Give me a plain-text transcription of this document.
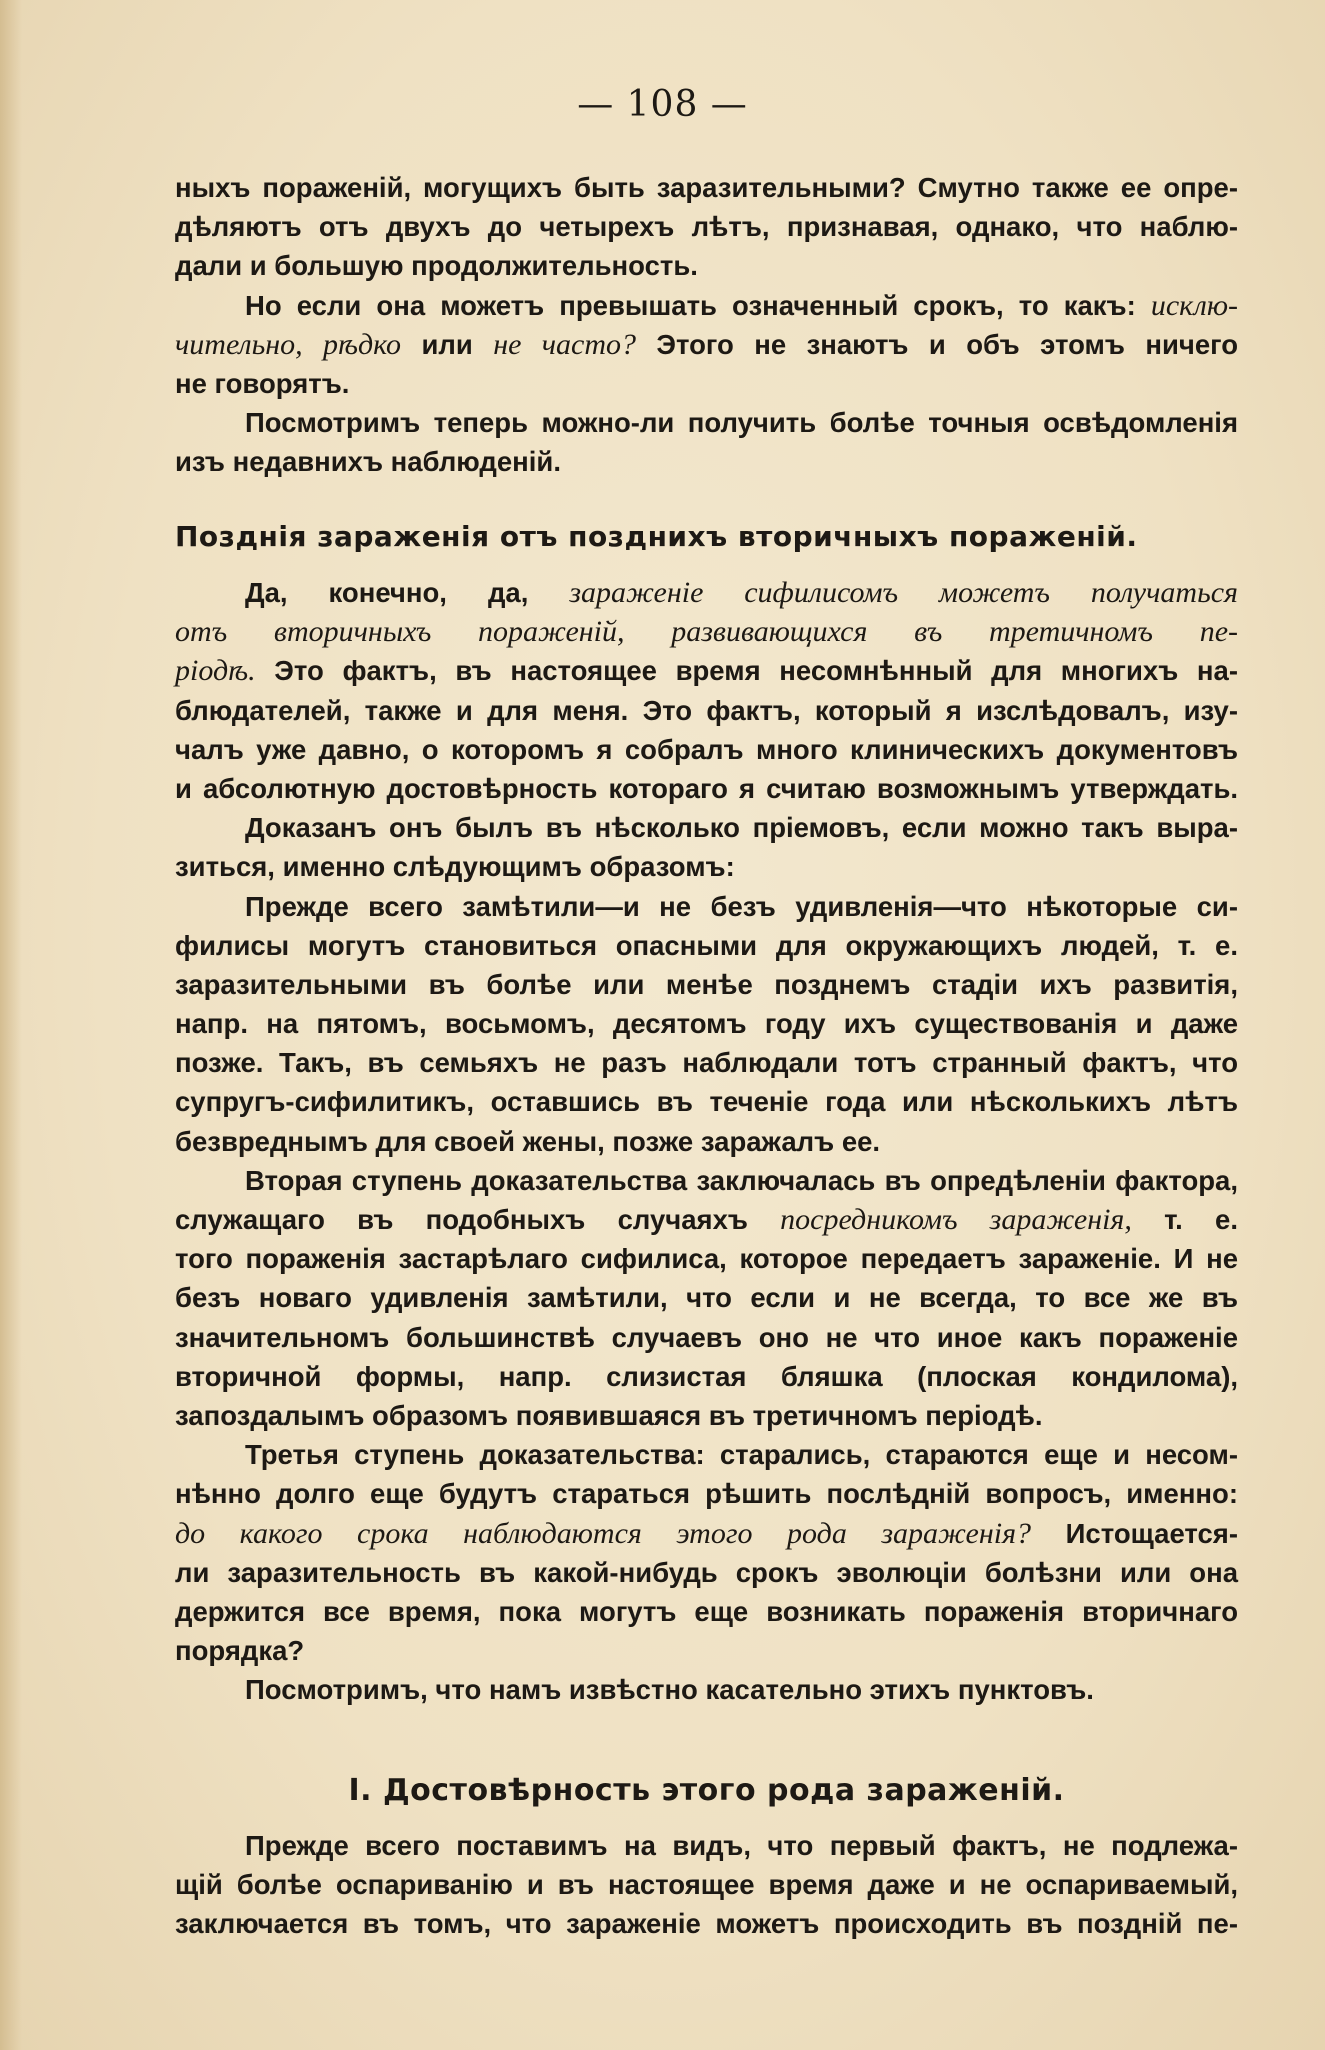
— 108 —
ныхъ пораженій, могущихъ быть заразительными? Смутно также ее опре-
дѣляютъ отъ двухъ до четырехъ лѣтъ, признавая, однако, что наблю-
дали и большую продолжительность.
Но если она можетъ превышать означенный срокъ, то какъ: исклю-
чительно, рѣдко или не часто? Этого не знаютъ и объ этомъ ничего
не говорятъ.
Посмотримъ теперь можно-ли получить болѣе точныя освѣдомленія
изъ недавнихъ наблюденій.
Позднія зараженія отъ позднихъ вторичныхъ пораженій.
Да, конечно, да, зараженіе сифилисомъ можетъ получаться
отъ вторичныхъ пораженій, развивающихся въ третичномъ пе-
ріодѣ. Это фактъ, въ настоящее время несомнѣнный для многихъ на-
блюдателей, также и для меня. Это фактъ, который я изслѣдовалъ, изу-
чалъ уже давно, о которомъ я собралъ много клиническихъ документовъ
и абсолютную достовѣрность котораго я считаю возможнымъ утверждать.
Доказанъ онъ былъ въ нѣсколько пріемовъ, если можно такъ выра-
зиться, именно слѣдующимъ образомъ:
Прежде всего замѣтили—и не безъ удивленія—что нѣкоторые си-
филисы могутъ становиться опасными для окружающихъ людей, т. е.
заразительными въ болѣе или менѣе позднемъ стадіи ихъ развитія,
напр. на пятомъ, восьмомъ, десятомъ году ихъ существованія и даже
позже. Такъ, въ семьяхъ не разъ наблюдали тотъ странный фактъ, что
супругъ-сифилитикъ, оставшись въ теченіе года или нѣсколькихъ лѣтъ
безвреднымъ для своей жены, позже заражалъ ее.
Вторая ступень доказательства заключалась въ опредѣленіи фактора,
служащаго въ подобныхъ случаяхъ посредникомъ зараженія, т. е.
того пораженія застарѣлаго сифилиса, которое передаетъ зараженіе. И не
безъ новаго удивленія замѣтили, что если и не всегда, то все же въ
значительномъ большинствѣ случаевъ оно не что иное какъ пораженіе
вторичной формы, напр. слизистая бляшка (плоская кондилома),
запоздалымъ образомъ появившаяся въ третичномъ періодѣ.
Третья ступень доказательства: старались, стараются еще и несом-
нѣнно долго еще будутъ стараться рѣшить послѣдній вопросъ, именно:
до какого срока наблюдаются этого рода зараженія? Истощается-
ли заразительность въ какой-нибудь срокъ эволюціи болѣзни или она
держится все время, пока могутъ еще возникать пораженія вторичнаго
порядка?
Посмотримъ, что намъ извѣстно касательно этихъ пунктовъ.
I. Достовѣрность этого рода зараженій.
Прежде всего поставимъ на видъ, что первый фактъ, не подлежа-
щій болѣе оспариванію и въ настоящее время даже и не оспариваемый,
заключается въ томъ, что зараженіе можетъ происходить въ поздній пе-
